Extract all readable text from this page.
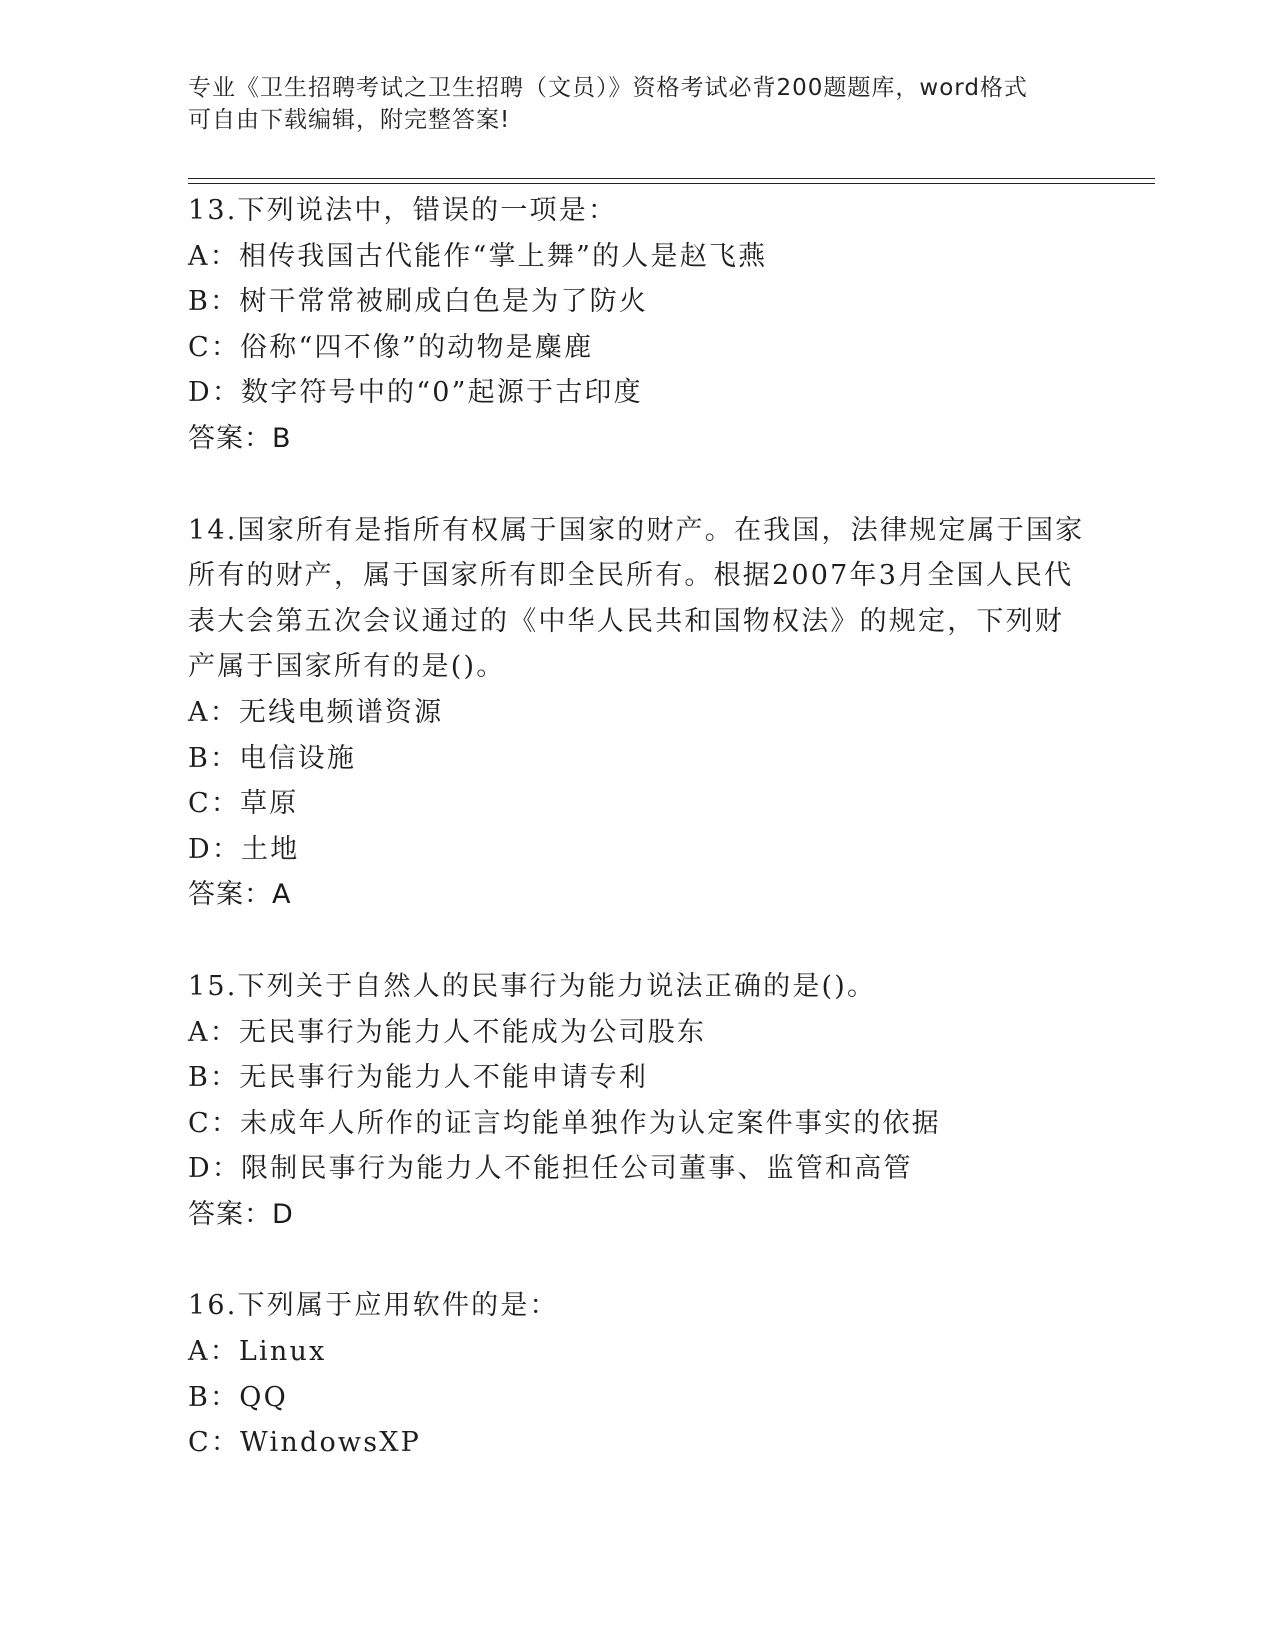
专业《卫生招聘考试之卫生招聘（文员）》资格考试必背200题题库，word格式
可自由下载编辑，附完整答案!
13.下列说法中，错误的一项是：
A：相传我国古代能作“掌上舞”的人是赵飞燕
B：树干常常被刷成白色是为了防火
C：俗称“四不像”的动物是麋鹿
D：数字符号中的“0”起源于古印度
答案：B
14.国家所有是指所有权属于国家的财产。在我国，法律规定属于国家
所有的财产，属于国家所有即全民所有。根据2007年3月全国人民代
表大会第五次会议通过的《中华人民共和国物权法》的规定，下列财
产属于国家所有的是()。
A：无线电频谱资源
B：电信设施
C：草原
D：土地
答案：A
15.下列关于自然人的民事行为能力说法正确的是()。
A：无民事行为能力人不能成为公司股东
B：无民事行为能力人不能申请专利
C：未成年人所作的证言均能单独作为认定案件事实的依据
D：限制民事行为能力人不能担任公司董事、监管和高管
答案：D
16.下列属于应用软件的是：
A：Linux
B：QQ
C：WindowsXP
